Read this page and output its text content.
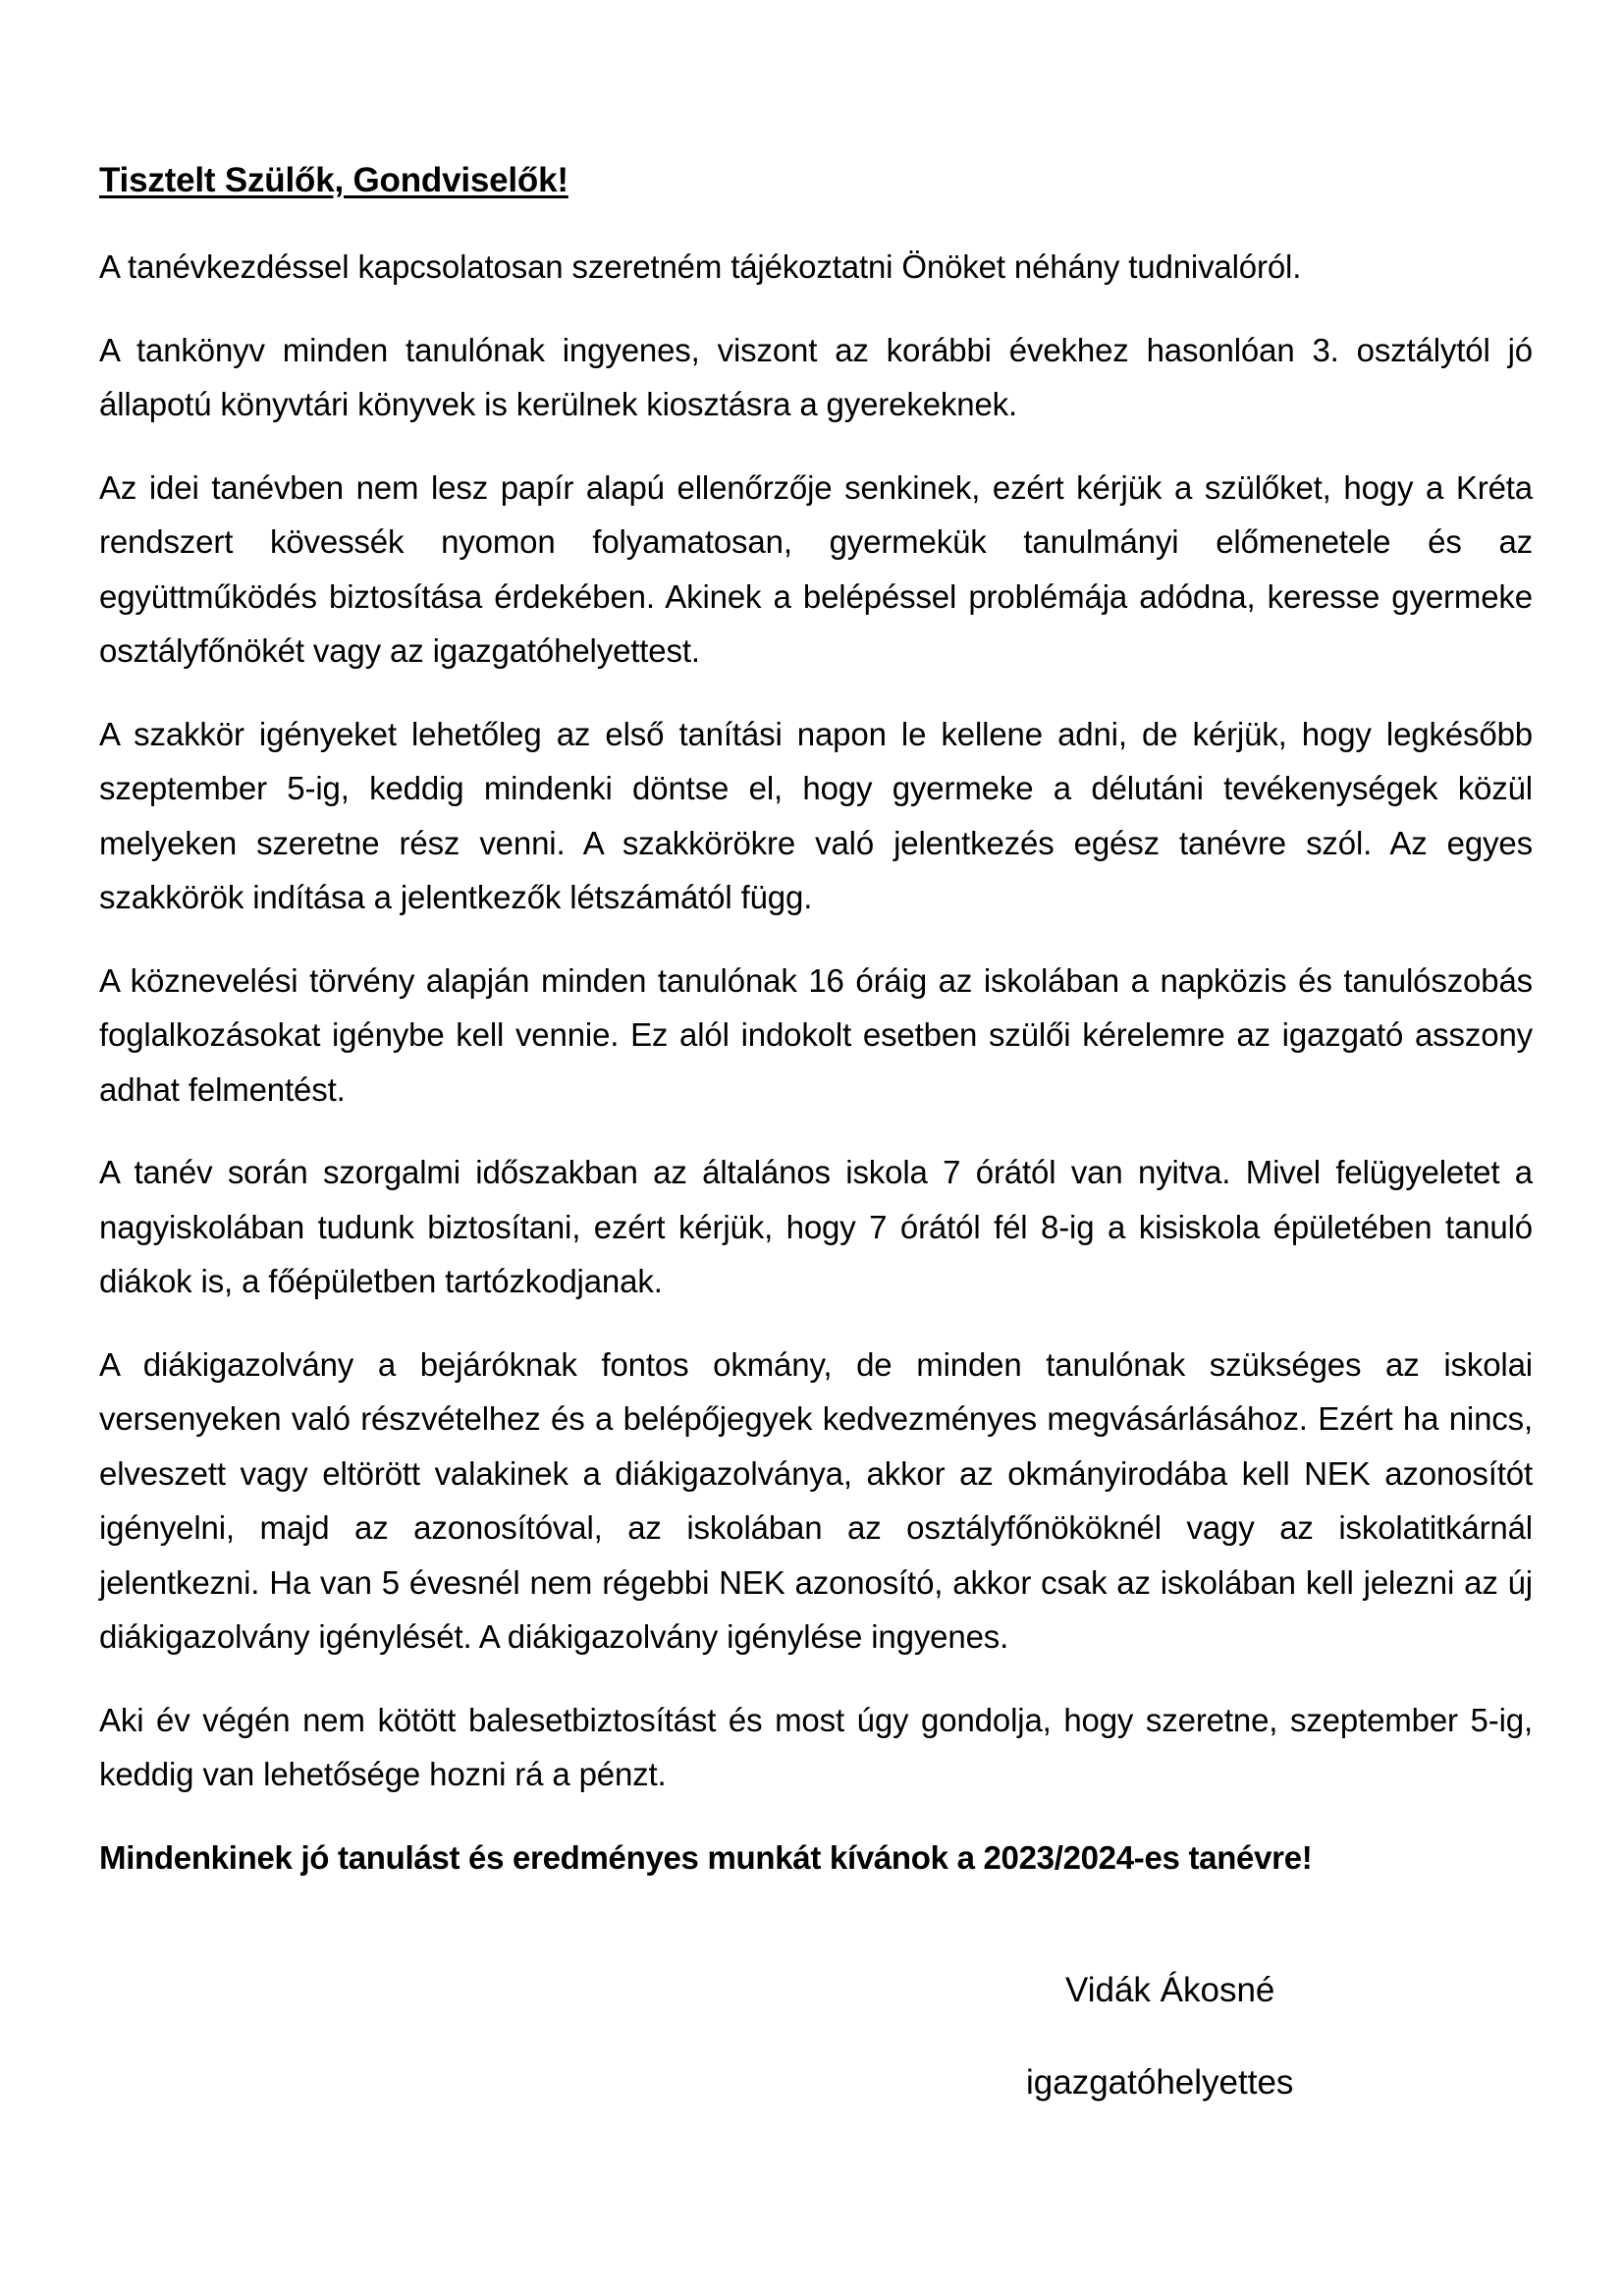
Tisztelt Szülők, Gondviselők!

A tanévkezdéssel kapcsolatosan szeretném tájékoztatni Önöket néhány tudnivalóról.

A tankönyv minden tanulónak ingyenes, viszont az korábbi évekhez hasonlóan 3. osztálytól jó állapotú könyvtári könyvek is kerülnek kiosztásra a gyerekeknek.

Az idei tanévben nem lesz papír alapú ellenőrzője senkinek, ezért kérjük a szülőket, hogy a Kréta rendszert kövessék nyomon folyamatosan, gyermekük tanulmányi előmenetele és az együttműködés biztosítása érdekében. Akinek a belépéssel problémája adódna, keresse gyermeke osztályfőnökét vagy az igazgatóhelyettest.

A szakkör igényeket lehetőleg az első tanítási napon le kellene adni, de kérjük, hogy legkésőbb szeptember 5-ig, keddig mindenki döntse el, hogy gyermeke a délutáni tevékenységek közül melyeken szeretne rész venni. A szakkörökre való jelentkezés egész tanévre szól. Az egyes szakkörök indítása a jelentkezők létszámától függ.

A köznevelési törvény alapján minden tanulónak 16 óráig az iskolában a napközis és tanulószobás foglalkozásokat igénybe kell vennie. Ez alól indokolt esetben szülői kérelemre az igazgató asszony adhat felmentést.

A tanév során szorgalmi időszakban az általános iskola 7 órától van nyitva. Mivel felügyeletet a nagyiskolában tudunk biztosítani, ezért kérjük, hogy 7 órától fél 8-ig a kisiskola épületében tanuló diákok is, a főépületben tartózkodjanak.

A diákigazolvány a bejáróknak fontos okmány, de minden tanulónak szükséges az iskolai versenyeken való részvételhez és a belépőjegyek kedvezményes megvásárlásához. Ezért ha nincs, elveszett vagy eltörött valakinek a diákigazolványa, akkor az okmányirodába kell NEK azonosítót igényelni, majd az azonosítóval, az iskolában az osztályfőnököknél vagy az iskolatitkárnál jelentkezni. Ha van 5 évesnél nem régebbi NEK azonosító, akkor csak az iskolában kell jelezni az új diákigazolvány igénylését. A diákigazolvány igénylése ingyenes.

Aki év végén nem kötött balesetbiztosítást és most úgy gondolja, hogy szeretne, szeptember 5-ig, keddig van lehetősége hozni rá a pénzt.

Mindenkinek jó tanulást és eredményes munkát kívánok a 2023/2024-es tanévre!

Vidák Ákosné

igazgatóhelyettes
